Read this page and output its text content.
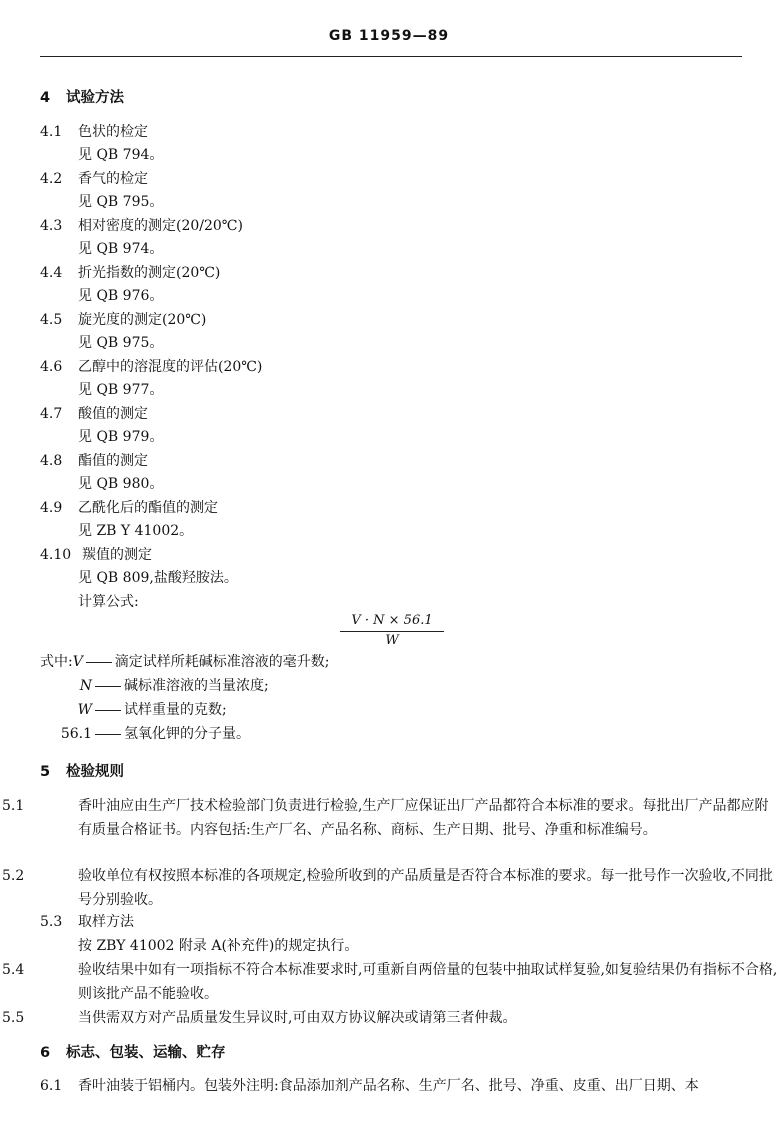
GB 11959—89
4 试验方法
4.1 色状的检定
见 QB 794。
4.2 香气的检定
见 QB 795。
4.3 相对密度的测定(20/20℃)
见 QB 974。
4.4 折光指数的测定(20℃)
见 QB 976。
4.5 旋光度的测定(20℃)
见 QB 975。
4.6 乙醇中的溶混度的评估(20℃)
见 QB 977。
4.7 酸值的测定
见 QB 979。
4.8 酯值的测定
见 QB 980。
4.9 乙酰化后的酯值的测定
见 ZB Y 41002。
4.10 羰值的测定
见 QB 809,盐酸羟胺法。
计算公式:
V · N × 56.1
W
式中:V 滴定试样所耗碱标准溶液的毫升数;
N 碱标准溶液的当量浓度;
W 试样重量的克数;
56.1 氢氧化钾的分子量。
5 检验规则
5.1	香叶油应由生产厂技术检验部门负责进行检验,生产厂应保证出厂产品都符合本标准的要求。每批出厂产品都应附有质量合格证书。内容包括:生产厂名、产品名称、商标、生产日期、批号、净重和标准编号。
5.2	验收单位有权按照本标准的各项规定,检验所收到的产品质量是否符合本标准的要求。每一批号作一次验收,不同批号分别验收。
5.3 取样方法
按 ZBY 41002 附录 A(补充件)的规定执行。
5.4	验收结果中如有一项指标不符合本标准要求时,可重新自两倍量的包装中抽取试样复验,如复验结果仍有指标不合格,则该批产品不能验收。
5.5	当供需双方对产品质量发生异议时,可由双方协议解决或请第三者仲裁。
6 标志、包装、运输、贮存
6.1 香叶油装于铝桶内。包装外注明:食品添加剂产品名称、生产厂名、批号、净重、皮重、出厂日期、本
